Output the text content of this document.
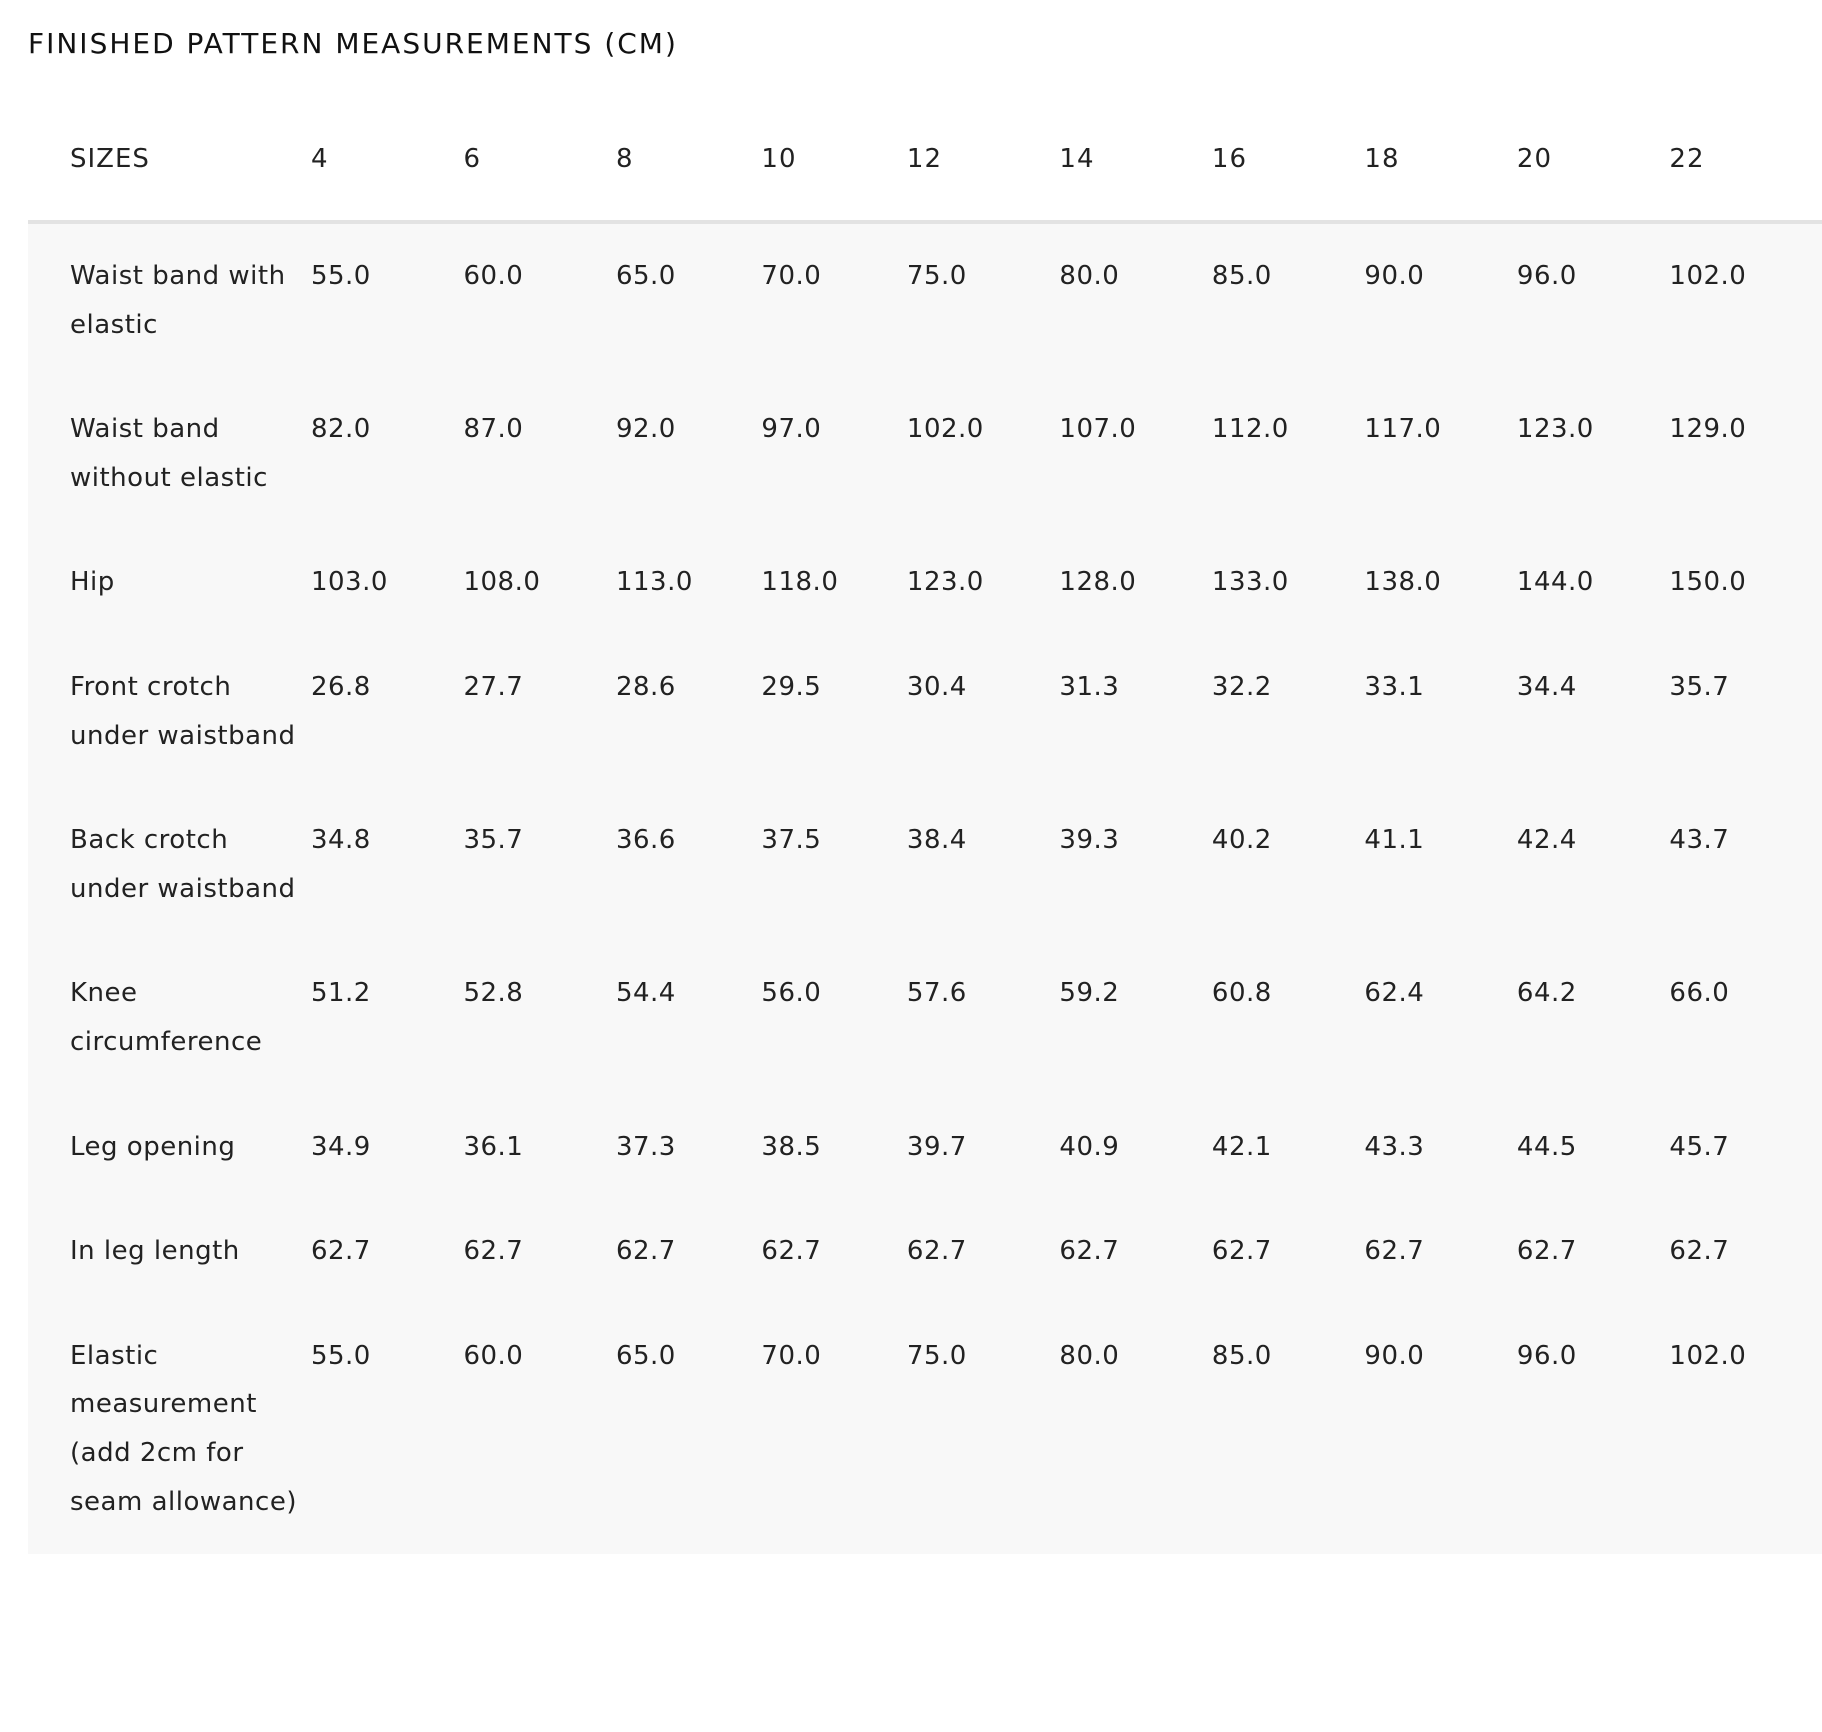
FINISHED PATTERN MEASUREMENTS (CM)
SIZES	4	6	8	10	12	14	16	18	20	22
Waist band with elastic	55.0	60.0	65.0	70.0	75.0	80.0	85.0	90.0	96.0	102.0
Waist band without elastic	82.0	87.0	92.0	97.0	102.0	107.0	112.0	117.0	123.0	129.0
Hip	103.0	108.0	113.0	118.0	123.0	128.0	133.0	138.0	144.0	150.0
Front crotch under waistband	26.8	27.7	28.6	29.5	30.4	31.3	32.2	33.1	34.4	35.7
Back crotch under waistband	34.8	35.7	36.6	37.5	38.4	39.3	40.2	41.1	42.4	43.7
Knee circumference	51.2	52.8	54.4	56.0	57.6	59.2	60.8	62.4	64.2	66.0
Leg opening	34.9	36.1	37.3	38.5	39.7	40.9	42.1	43.3	44.5	45.7
In leg length	62.7	62.7	62.7	62.7	62.7	62.7	62.7	62.7	62.7	62.7
Elastic measurement (add 2cm for seam allowance)	55.0	60.0	65.0	70.0	75.0	80.0	85.0	90.0	96.0	102.0
